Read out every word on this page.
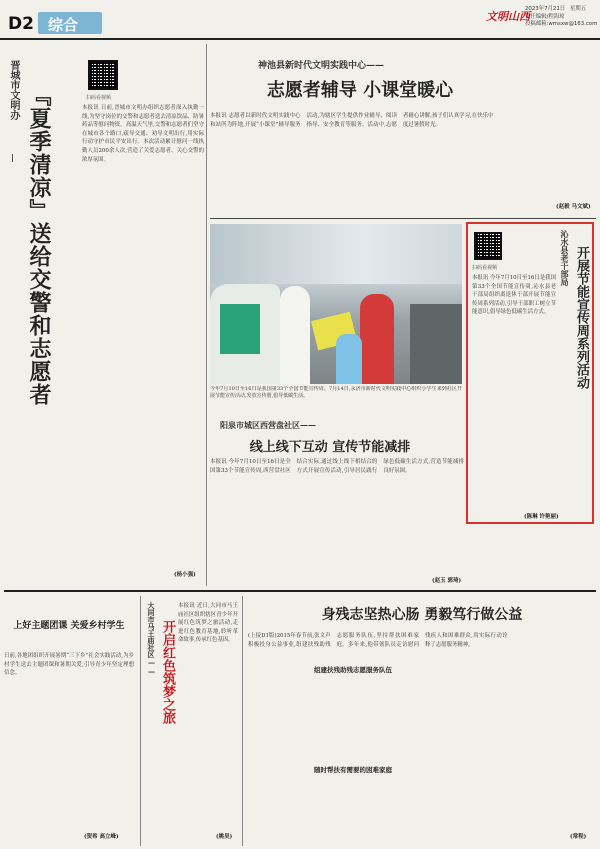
D2 综合	文明山西
2023年7月21日 星期五
责任编辑/程海琼
投稿邮箱:wmsxw@163.com
晋城市文明办 『夏季清凉』送给交警和志愿者	扫码看视频
本报讯 日前,晋城市文明办组织志愿者深入执勤一线,为坚守岗位的交警和志愿者送去清凉饮品、防暑药品等慰问物资。高温天气里,交警和志愿者们坚守在城市各个路口,疏导交通、劝导文明出行,用实际行动守护市民平安出行。本次活动累计慰问一线执勤人员200余人次,营造了关爱志愿者、关心交警的浓厚氛围。
(杨小强)
神池县新时代文明实践中心——
志愿者辅导 小课堂暖心
本报讯 志愿者以新时代文明实践中心和站所为阵地,开展“小课堂”辅导服务活动,为辖区学生提供作业辅导、阅读指导、安全教育等服务。活动中,志愿者耐心讲解,孩子们认真学习,在快乐中度过暑假时光。
(赵毅 马文斌)
今年7月10日至16日是我国第33个全国节能宣传周。7月14日,永济市新时代文明实践中心组织小学生来到社区开展节能宣传活动,发放宣传册,倡导低碳生活。
扫码看视频	沁水县老干部局 开展节能宣传周系列活动
本报讯 今年7月10日至16日是我国第33个全国节能宣传周,沁水县老干部局组织离退休干部开展节能宣传周系列活动,引导干部职工树立节能意识,倡导绿色低碳生活方式。
(陈琳 许艳丽)
阳泉市城区西营盘社区——
线上线下互动 宣传节能减排
本报讯 今年7月10日至16日是全国第33个节能宣传周,西营盘社区结合实际,通过线上线下相结合的方式开展宣传活动,引导居民践行绿色低碳生活方式,营造节能减排良好氛围。
(赵玉 郭琦)
上好主题团课 关爱乡村学生
日前,各地团组织开展暑期“三下乡”社会实践活动,为乡村学生送去主题团课和暑期关爱,引导青少年坚定理想信念。
(贺希 高立峰)
大同市马王庙社区—— 开启红色筑梦之旅
本报讯 近日,大同市马王庙社区组织辖区青少年开展红色筑梦之旅活动,走进红色教育基地,聆听革命故事,传承红色基因。
(姚昊)
身残志坚热心肠 勇毅笃行做公益
组建扶残助残志愿服务队伍
随时帮扶有需要的困难家庭
(上接D1版)2015年春节前,张文声积极投身公益事业,组建扶残助残志愿服务队伍,坚持帮扶困难家庭。多年来,他带领队员走访慰问残疾人和困难群众,用实际行动诠释了志愿服务精神。
(常程)
